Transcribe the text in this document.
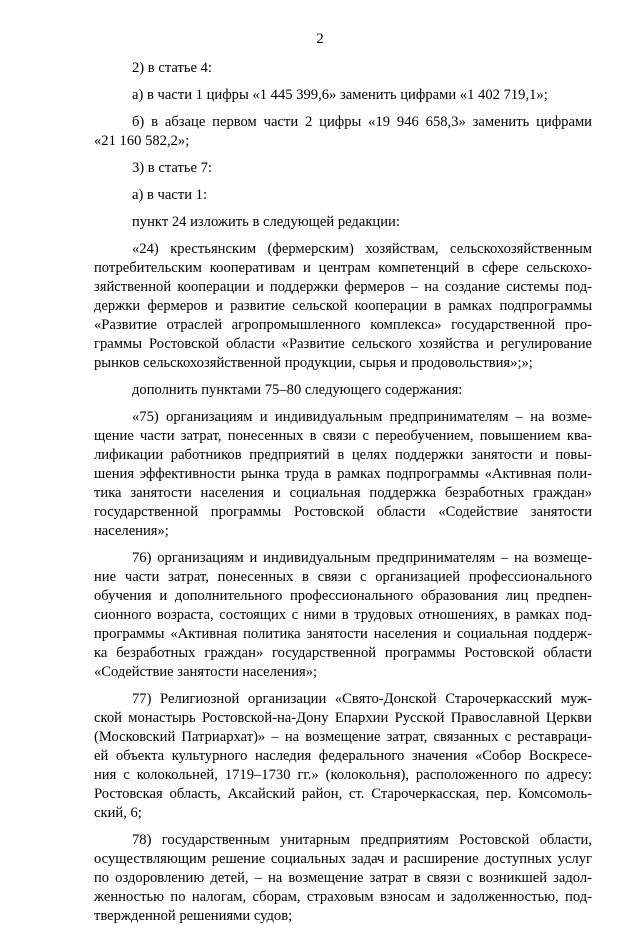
2
2) в статье 4:
а) в части 1 цифры «1 445 399,6» заменить цифрами «1 402 719,1»;
б) в абзаце первом части 2 цифры «19 946 658,3» заменить цифрами
«21 160 582,2»;
3) в статье 7:
а) в части 1:
пункт 24 изложить в следующей редакции:
«24) крестьянским (фермерским) хозяйствам, сельскохозяйственным
потребительским кооперативам и центрам компетенций в сфере сельскохо-
зяйственной кооперации и поддержки фермеров – на создание системы под-
держки фермеров и развитие сельской кооперации в рамках подпрограммы
«Развитие отраслей агропромышленного комплекса» государственной про-
граммы Ростовской области «Развитие сельского хозяйства и регулирование
рынков сельскохозяйственной продукции, сырья и продовольствия»;»;
дополнить пунктами 75–80 следующего содержания:
«75) организациям и индивидуальным предпринимателям – на возме-
щение части затрат, понесенных в связи с переобучением, повышением ква-
лификации работников предприятий в целях поддержки занятости и повы-
шения эффективности рынка труда в рамках подпрограммы «Активная поли-
тика занятости населения и социальная поддержка безработных граждан»
государственной программы Ростовской области «Содействие занятости
населения»;
76) организациям и индивидуальным предпринимателям – на возмеще-
ние части затрат, понесенных в связи с организацией профессионального
обучения и дополнительного профессионального образования лиц предпен-
сионного возраста, состоящих с ними в трудовых отношениях, в рамках под-
программы «Активная политика занятости населения и социальная поддерж-
ка безработных граждан» государственной программы Ростовской области
«Содействие занятости населения»;
77) Религиозной организации «Свято-Донской Старочеркасский муж-
ской монастырь Ростовской-на-Дону Епархии Русской Православной Церкви
(Московский Патриархат)» – на возмещение затрат, связанных с реставраци-
ей объекта культурного наследия федерального значения «Собор Воскресе-
ния с колокольней, 1719–1730 гг.» (колокольня), расположенного по адресу:
Ростовская область, Аксайский район, ст. Старочеркасская, пер. Комсомоль-
ский, 6;
78) государственным унитарным предприятиям Ростовской области,
осуществляющим решение социальных задач и расширение доступных услуг
по оздоровлению детей, – на возмещение затрат в связи с возникшей задол-
женностью по налогам, сборам, страховым взносам и задолженностью, под-
твержденной решениями судов;
